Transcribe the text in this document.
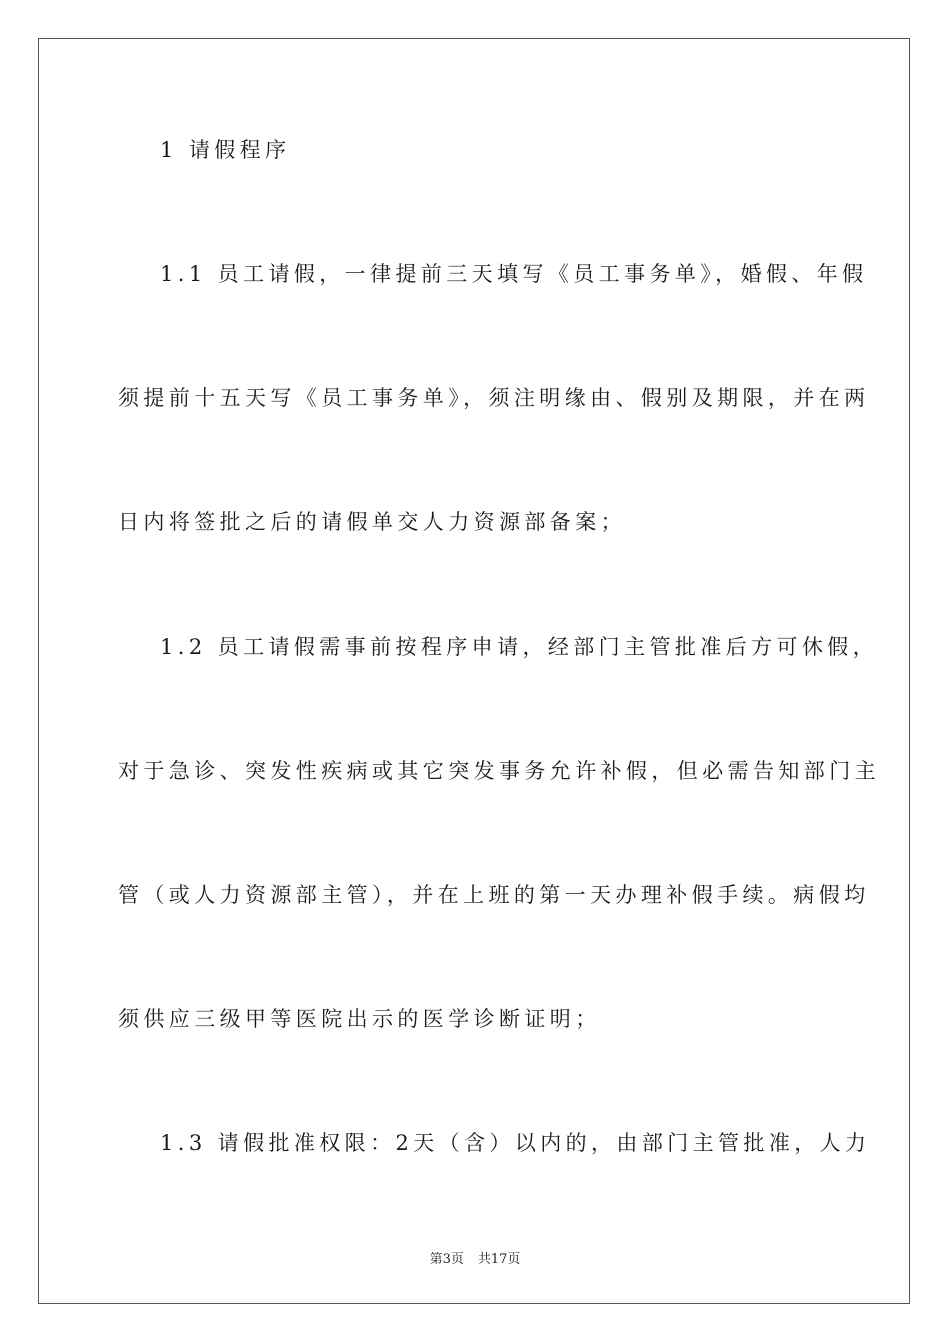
1 请假程序
1.1 员工请假，一律提前三天填写《员工事务单》，婚假、年假
须提前十五天写《员工事务单》，须注明缘由、假别及期限，并在两
日内将签批之后的请假单交人力资源部备案；
1.2 员工请假需事前按程序申请，经部门主管批准后方可休假，
对于急诊、突发性疾病或其它突发事务允许补假，但必需告知部门主
管（或人力资源部主管），并在上班的第一天办理补假手续。病假均
须供应三级甲等医院出示的医学诊断证明；
1.3 请假批准权限：2天（含）以内的，由部门主管批准，人力
第3页 共17页
